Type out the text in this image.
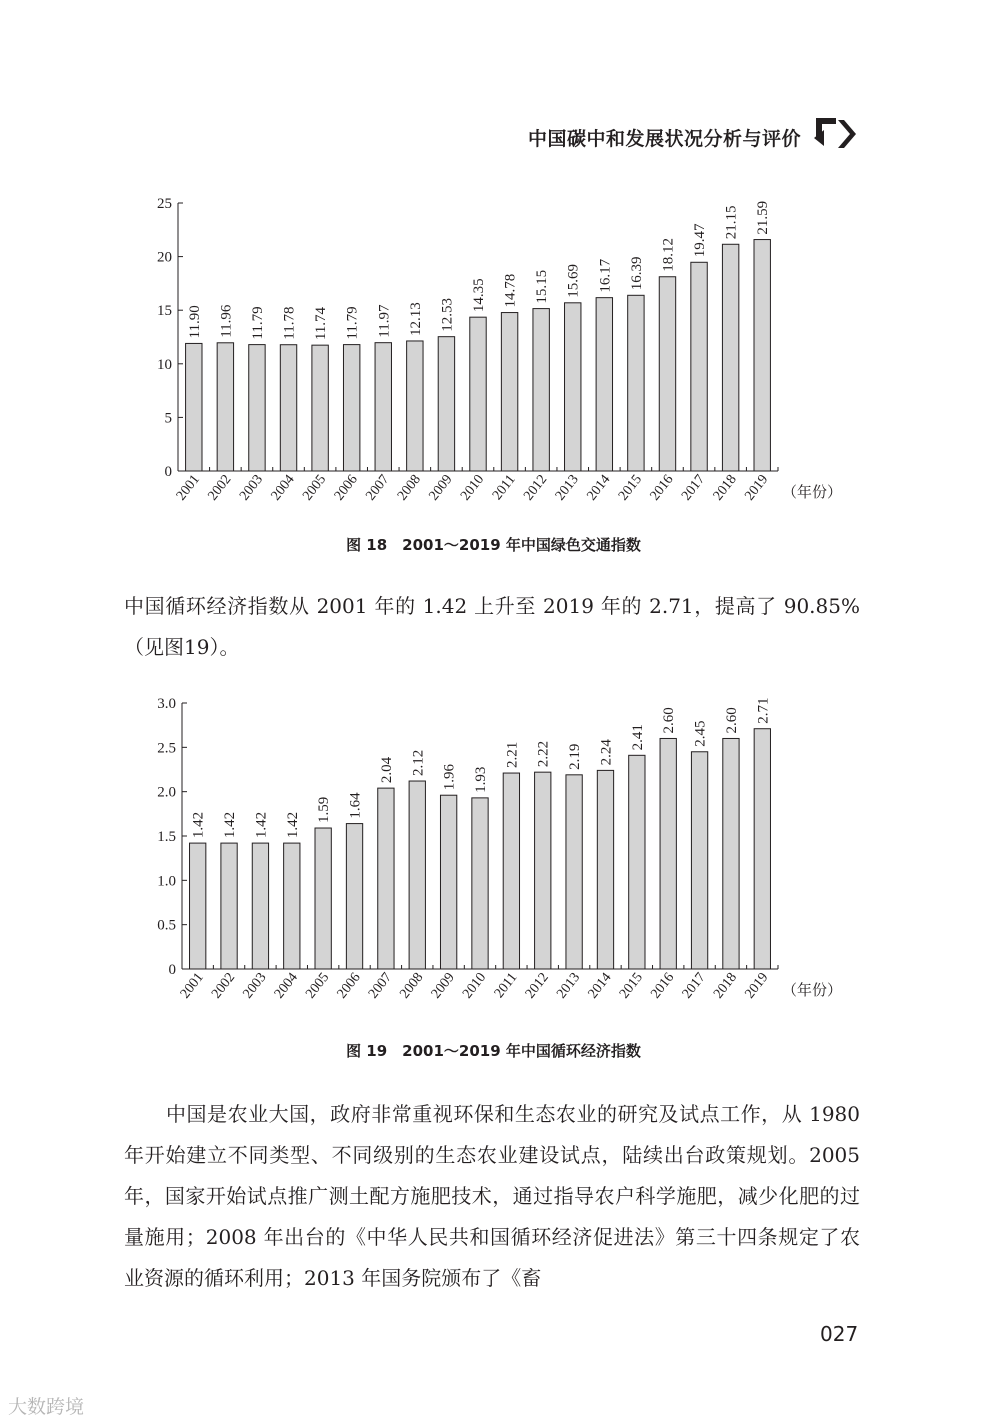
中国碳中和发展状况分析与评价
0
5
10
15
20
25
11.90
2001
11.96
2002
11.79
2003
11.78
2004
11.74
2005
11.79
2006
11.97
2007
12.13
2008
12.53
2009
14.35
2010
14.78
2011
15.15
2012
15.69
2013
16.17
2014
16.39
2015
18.12
2016
19.47
2017
21.15
2018
21.59
2019 （年份）
图 18　2001～2019 年中国绿色交通指数
中国循环经济指数从 2001 年的 1.42 上升至 2019 年的 2.71，提高了 90.85%（见图19）。
0
0.5
1.0
1.5
2.0
2.5
3.0
1.42
2001
1.42
2002
1.42
2003
1.42
2004
1.59
2005
1.64
2006
2.04
2007
2.12
2008
1.96
2009
1.93
2010
2.21
2011
2.22
2012
2.19
2013
2.24
2014
2.41
2015
2.60
2016
2.45
2017
2.60
2018
2.71
2019 （年份）
图 19　2001～2019 年中国循环经济指数
中国是农业大国，政府非常重视环保和生态农业的研究及试点工作，从 1980 年开始建立不同类型、不同级别的生态农业建设试点，陆续出台政策规划。2005 年，国家开始试点推广测土配方施肥技术，通过指导农户科学施肥，减少化肥的过量施用；2008 年出台的《中华人民共和国循环经济促进法》第三十四条规定了农业资源的循环利用；2013 年国务院颁布了《畜
027
大数跨境
